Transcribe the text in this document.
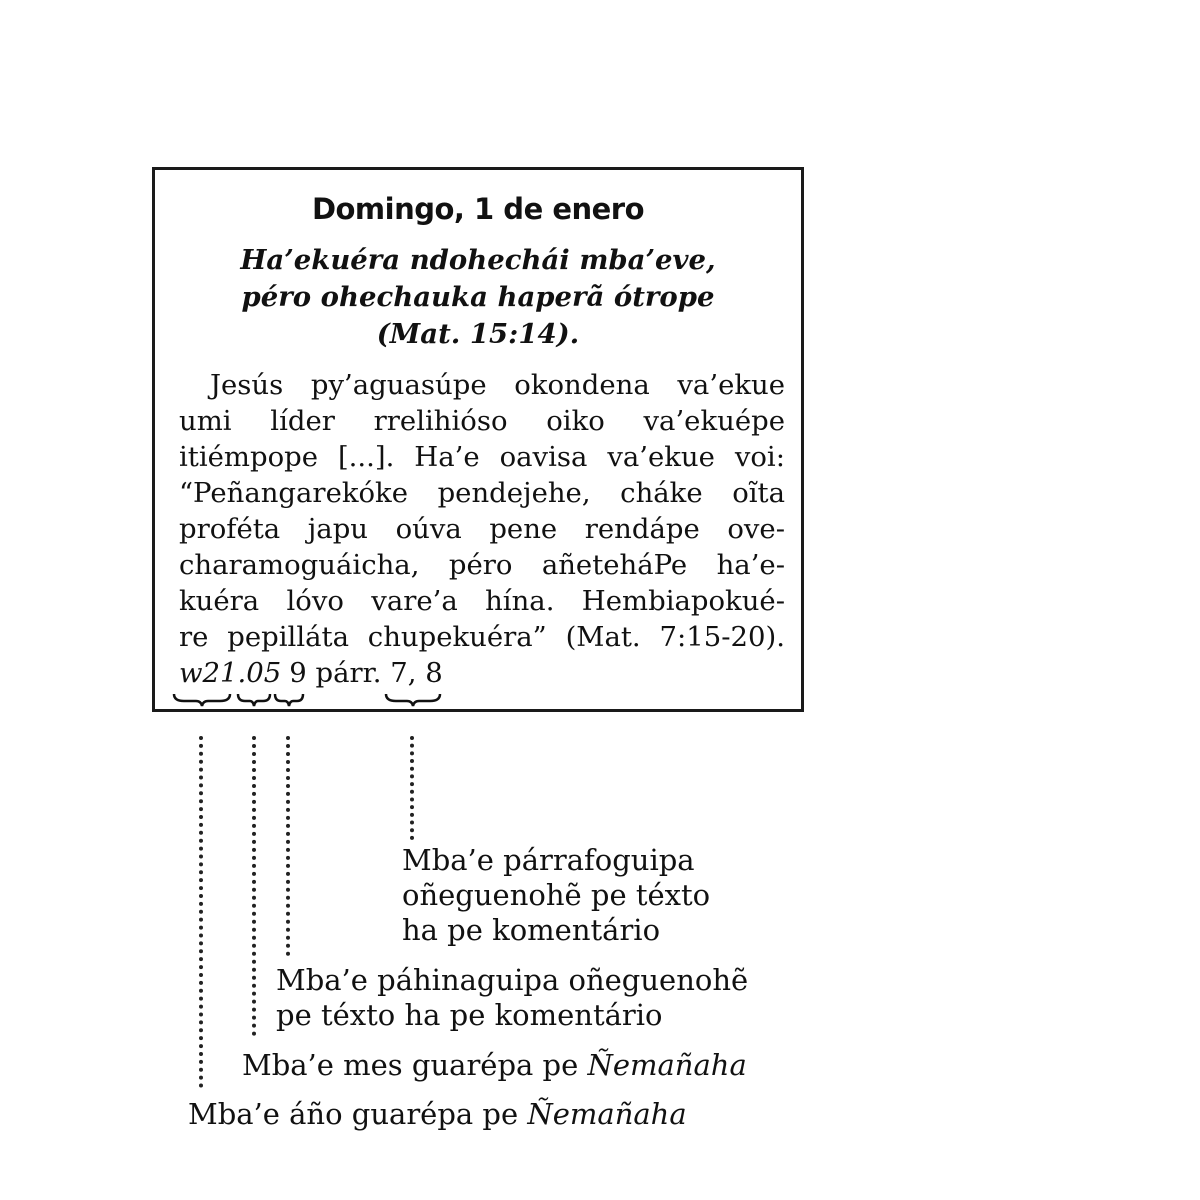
Domingo, 1 de enero
Ha’ekuéra ndohechái mba’eve,
péro ohechauka haperã ótrope
(Mat. 15:14).
Jesús py’aguasúpe okondena va’ekue
umi líder rrelihióso oiko va’ekuépe
itiémpope [...]. Ha’e oavisa va’ekue voi:
“Peñangarekóke pendejehe, cháke oĩta
proféta japu oúva pene rendápe ove-
charamoguáicha, péro añeteháPe ha’e-
kuéra lóvo vare’a hína. Hembiapokué-
re pepilláta chupekuéra” (Mat. 7:15-20).
w21.05 9 párr. 7, 8
Mba’e párrafoguipa
oñeguenohẽ pe téxto
ha pe komentário
Mba’e páhinaguipa oñeguenohẽ
pe téxto ha pe komentário
Mba’e mes guarépa pe Ñemañaha
Mba’e áño guarépa pe Ñemañaha
